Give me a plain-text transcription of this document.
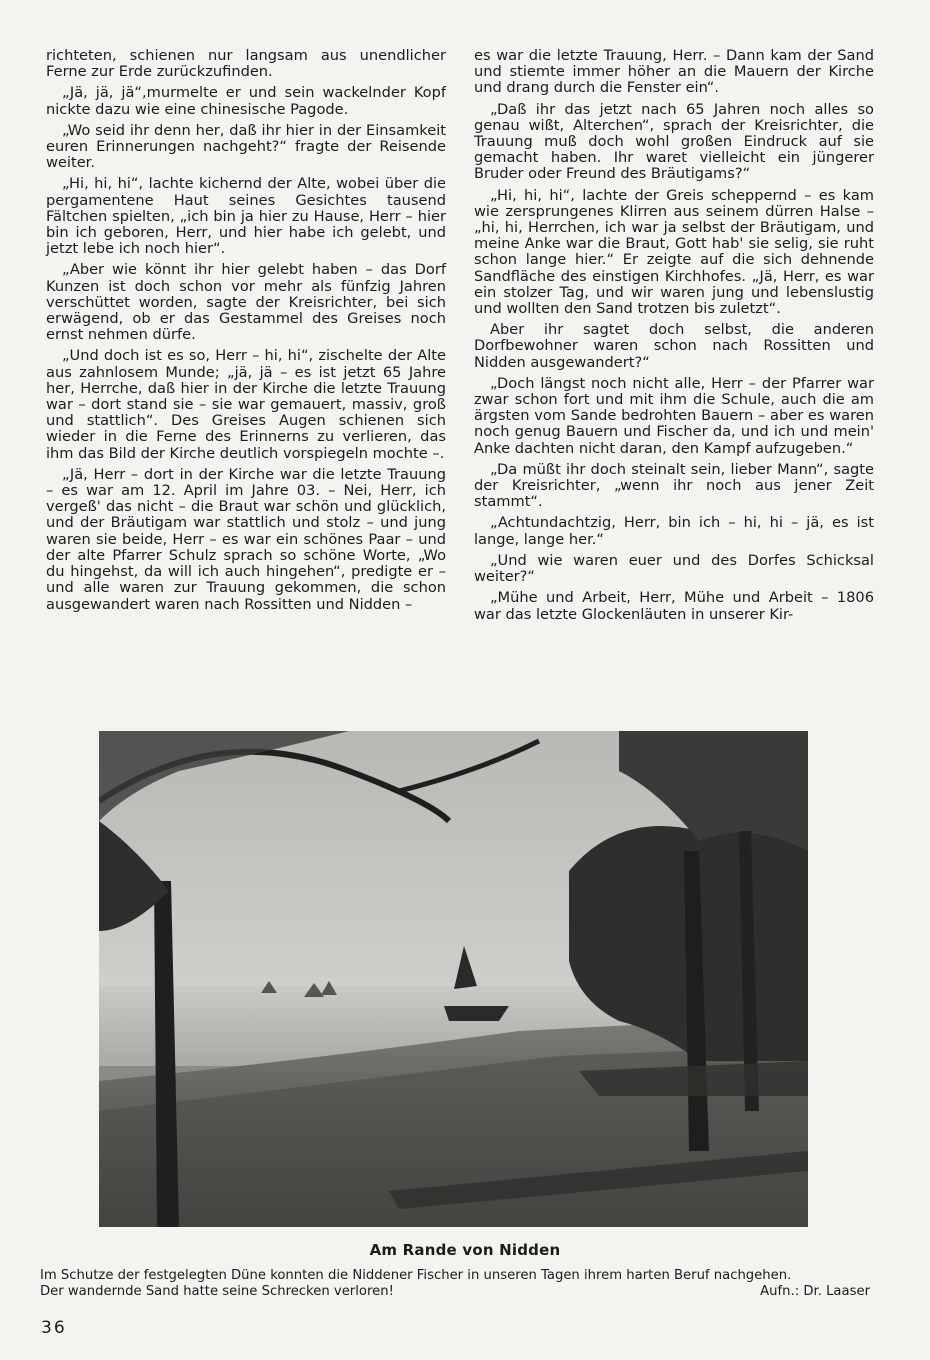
richteten, schienen nur langsam aus unendlicher Ferne zur Erde zurückzufinden.

„Jä, jä, jä“,murmelte er und sein wackelnder Kopf nickte dazu wie eine chinesische Pagode.

„Wo seid ihr denn her, daß ihr hier in der Einsamkeit euren Erinnerungen nachgeht?“ fragte der Reisende weiter.

„Hi, hi, hi“, lachte kichernd der Alte, wobei über die pergamentene Haut seines Gesichtes tausend Fältchen spielten, „ich bin ja hier zu Hause, Herr – hier bin ich geboren, Herr, und hier habe ich gelebt, und jetzt lebe ich noch hier“.

„Aber wie könnt ihr hier gelebt haben – das Dorf Kunzen ist doch schon vor mehr als fünfzig Jahren verschüttet worden, sagte der Kreisrichter, bei sich erwägend, ob er das Gestammel des Greises noch ernst nehmen dürfe.

„Und doch ist es so, Herr – hi, hi“, zischelte der Alte aus zahnlosem Munde; „jä, jä – es ist jetzt 65 Jahre her, Herrche, daß hier in der Kirche die letzte Trauung war – dort stand sie – sie war gemauert, massiv, groß und stattlich“. Des Greises Augen schienen sich wieder in die Ferne des Erinnerns zu verlieren, das ihm das Bild der Kirche deutlich vorspiegeln mochte –.

„Jä, Herr – dort in der Kirche war die letzte Trauung – es war am 12. April im Jahre 03. – Nei, Herr, ich vergeß' das nicht – die Braut war schön und glücklich, und der Bräutigam war stattlich und stolz – und jung waren sie beide, Herr – es war ein schönes Paar – und der alte Pfarrer Schulz sprach so schöne Worte, „Wo du hingehst, da will ich auch hingehen“, predigte er – und alle waren zur Trauung gekommen, die schon ausgewandert waren nach Rossitten und Nidden –

es war die letzte Trauung, Herr. – Dann kam der Sand und stiemte immer höher an die Mauern der Kirche und drang durch die Fenster ein“.

„Daß ihr das jetzt nach 65 Jahren noch alles so genau wißt, Alterchen“, sprach der Kreisrichter, die Trauung muß doch wohl großen Eindruck auf sie gemacht haben. Ihr waret vielleicht ein jüngerer Bruder oder Freund des Bräutigams?“

„Hi, hi, hi“, lachte der Greis scheppernd – es kam wie zersprungenes Klirren aus seinem dürren Halse – „hi, hi, Herrchen, ich war ja selbst der Bräutigam, und meine Anke war die Braut, Gott hab' sie selig, sie ruht schon lange hier.“ Er zeigte auf die sich dehnende Sandfläche des einstigen Kirchhofes. „Jä, Herr, es war ein stolzer Tag, und wir waren jung und lebenslustig und wollten den Sand trotzen bis zuletzt“.

Aber ihr sagtet doch selbst, die anderen Dorfbewohner waren schon nach Rossitten und Nidden ausgewandert?“

„Doch längst noch nicht alle, Herr – der Pfarrer war zwar schon fort und mit ihm die Schule, auch die am ärgsten vom Sande bedrohten Bauern – aber es waren noch genug Bauern und Fischer da, und ich und mein' Anke dachten nicht daran, den Kampf aufzugeben.“

„Da müßt ihr doch steinalt sein, lieber Mann“, sagte der Kreisrichter, „wenn ihr noch aus jener Zeit stammt“.

„Achtundachtzig, Herr, bin ich – hi, hi – jä, es ist lange, lange her.“

„Und wie waren euer und des Dorfes Schicksal weiter?“

„Mühe und Arbeit, Herr, Mühe und Arbeit – 1806 war das letzte Glockenläuten in unserer Kir-

Am Rande von Nidden
Im Schutze der festgelegten Düne konnten die Niddener Fischer in unseren Tagen ihrem harten Beruf nachgehen.
Der wandernde Sand hatte seine Schrecken verloren!	Aufn.: Dr. Laaser
36
